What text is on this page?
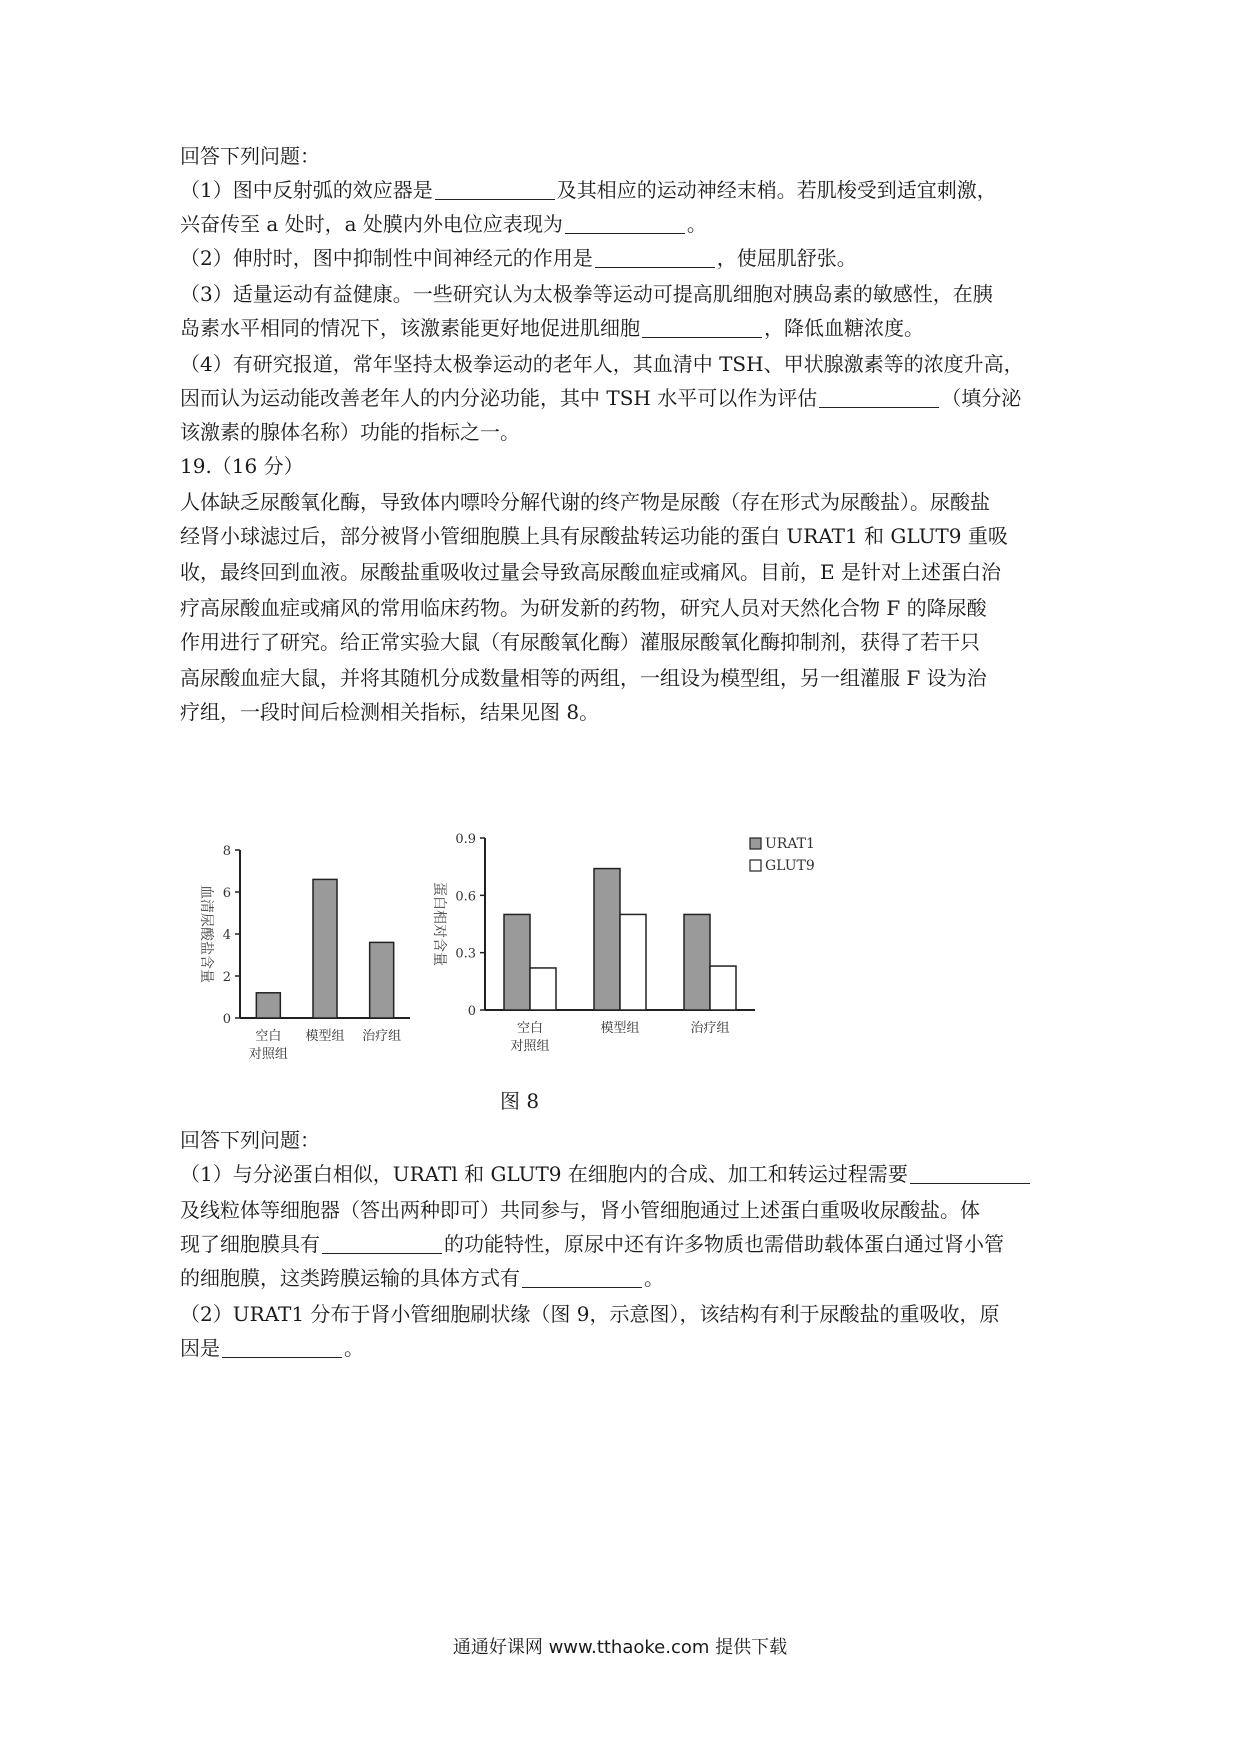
回答下列问题：
（1）图中反射弧的效应器是	及其相应的运动神经末梢。若肌梭受到适宜刺激，
兴奋传至 a 处时，a 处膜内外电位应表现为	。
（2）伸肘时，图中抑制性中间神经元的作用是	，使屈肌舒张。
（3）适量运动有益健康。一些研究认为太极拳等运动可提高肌细胞对胰岛素的敏感性，在胰
岛素水平相同的情况下，该激素能更好地促进肌细胞	，降低血糖浓度。
（4）有研究报道，常年坚持太极拳运动的老年人，其血清中 TSH、甲状腺激素等的浓度升高，
因而认为运动能改善老年人的内分泌功能，其中 TSH 水平可以作为评估	（填分泌
该激素的腺体名称）功能的指标之一。
19.（16 分）
人体缺乏尿酸氧化酶，导致体内嘌呤分解代谢的终产物是尿酸（存在形式为尿酸盐）。尿酸盐
经肾小球滤过后，部分被肾小管细胞膜上具有尿酸盐转运功能的蛋白 URAT1 和 GLUT9 重吸
收，最终回到血液。尿酸盐重吸收过量会导致高尿酸血症或痛风。目前，E 是针对上述蛋白治
疗高尿酸血症或痛风的常用临床药物。为研发新的药物，研究人员对天然化合物 F 的降尿酸
作用进行了研究。给正常实验大鼠（有尿酸氧化酶）灌服尿酸氧化酶抑制剂，获得了若干只
高尿酸血症大鼠，并将其随机分成数量相等的两组，一组设为模型组，另一组灌服 F 设为治
疗组，一段时间后检测相关指标，结果见图 8。
0
2
4
6
8
血清尿酸盐含量
空白
对照组
模型组 治疗组
0
0.3
0.6
0.9
蛋白相对含量
空白
对照组
模型组	治疗组
URAT1
GLUT9
图 8
回答下列问题：
（1）与分泌蛋白相似，URATl 和 GLUT9 在细胞内的合成、加工和转运过程需要
及线粒体等细胞器（答出两种即可）共同参与，肾小管细胞通过上述蛋白重吸收尿酸盐。体
现了细胞膜具有	的功能特性，原尿中还有许多物质也需借助载体蛋白通过肾小管
的细胞膜，这类跨膜运输的具体方式有	。
（2）URAT1 分布于肾小管细胞刷状缘（图 9，示意图），该结构有利于尿酸盐的重吸收，原
因是	。
通通好课网 www.tthaoke.com 提供下载
